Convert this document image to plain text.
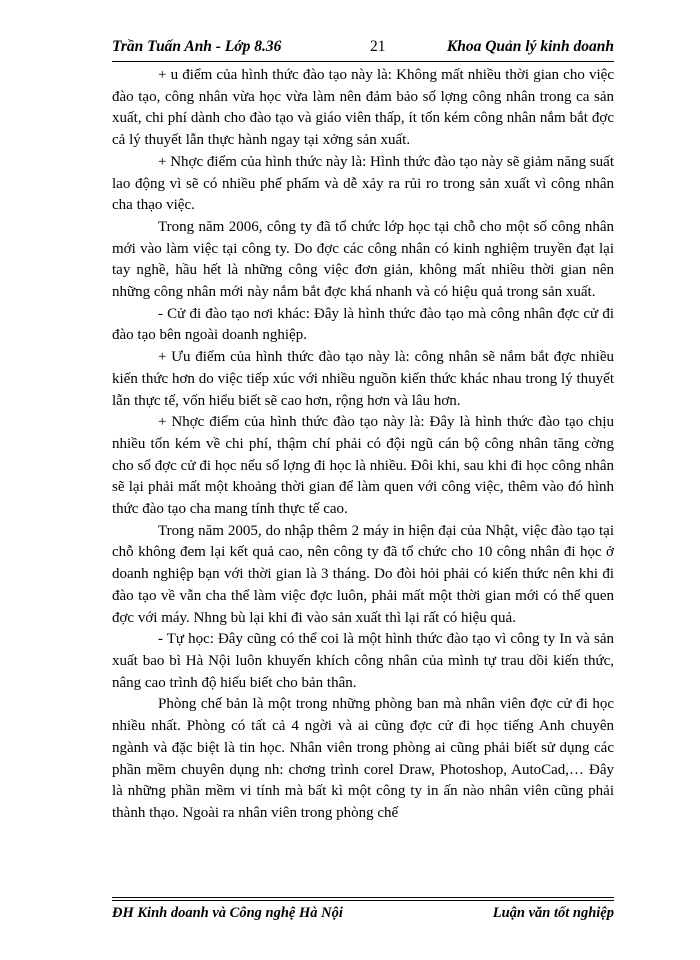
Trần Tuấn Anh - Lớp 8.36	21	Khoa Quản lý kinh doanh

+ u điểm của hình thức đào tạo này là: Không mất nhiều thời gian cho việc đào tạo, công nhân vừa học vừa làm nên đảm bảo số lợng công nhân trong ca sản xuất, chi phí dành cho đào tạo và giáo viên thấp, ít tốn kém công nhân nắm bắt đợc cả lý thuyết lẫn thực hành ngay tại xởng sản xuất.

+ Nhợc điểm của hình thức này là: Hình thức đào tạo này sẽ giảm năng suất lao động vì sẽ có nhiều phế phẩm và dễ xảy ra rủi ro trong sản xuất vì công nhân cha thạo việc.

Trong năm 2006, công ty đã tổ chức lớp học tại chỗ cho một số công nhân mới vào làm việc tại công ty. Do đợc các công nhân có kinh nghiệm truyền đạt lại tay nghề, hầu hết là những công việc đơn giản, không mất nhiều thời gian nên những công nhân mới này nắm bắt đợc khá nhanh và có hiệu quả trong sản xuất.

- Cử đi đào tạo nơi khác: Đây là hình thức đào tạo mà công nhân đợc cử đi đào tạo bên ngoài doanh nghiệp.

+ Ưu điểm của hình thức đào tạo này là: công nhân sẽ nắm bắt đợc nhiều kiến thức hơn do việc tiếp xúc với nhiều nguồn kiến thức khác nhau trong lý thuyết lẫn thực tế, vốn hiểu biết sẽ cao hơn, rộng hơn và lâu hơn.

+ Nhợc điểm của hình thức đào tạo này là: Đây là hình thức đào tạo chịu nhiều tốn kém về chi phí, thậm chí phải có đội ngũ cán bộ công nhân tăng cờng cho số đợc cử đi học nếu số lợng đi học là nhiều. Đôi khi, sau khi đi học công nhân sẽ lại phải mất một khoảng thời gian để làm quen với công việc, thêm vào đó hình thức đào tạo cha mang tính thực tế cao.

Trong năm 2005, do nhập thêm 2 máy in hiện đại của Nhật, việc đào tạo tại chỗ không đem lại kết quả cao, nên công ty đã tổ chức cho 10 công nhân đi học ở doanh nghiệp bạn với thời gian là 3 tháng. Do đòi hỏi phải có kiến thức nên khi đi đào tạo về vẫn cha thể làm việc đợc luôn, phải mất một thời gian mới có thể quen đợc với máy. Nhng bù lại khi đi vào sản xuất thì lại rất có hiệu quả.

- Tự học: Đây cũng có thể coi là một hình thức đào tạo vì công ty In và sản xuất bao bì Hà Nội luôn khuyến khích công nhân của mình tự trau dồi kiến thức, nâng cao trình độ hiểu biết cho bản thân.

Phòng chế bản là một trong những phòng ban mà nhân viên đợc cử đi học nhiều nhất. Phòng có tất cả 4 ngời và ai cũng đợc cử đi học tiếng Anh chuyên ngành và đặc biệt là tin học. Nhân viên trong phòng ai cũng phải biết sử dụng các phần mềm chuyên dụng nh: chơng trình corel Draw, Photoshop, AutoCad,… Đây là những phần mềm vi tính mà bất kì một công ty in ấn nào nhân viên cũng phải thành thạo. Ngoài ra nhân viên trong phòng chế

ĐH Kinh doanh và Công nghệ Hà Nội	Luận văn tốt nghiệp
